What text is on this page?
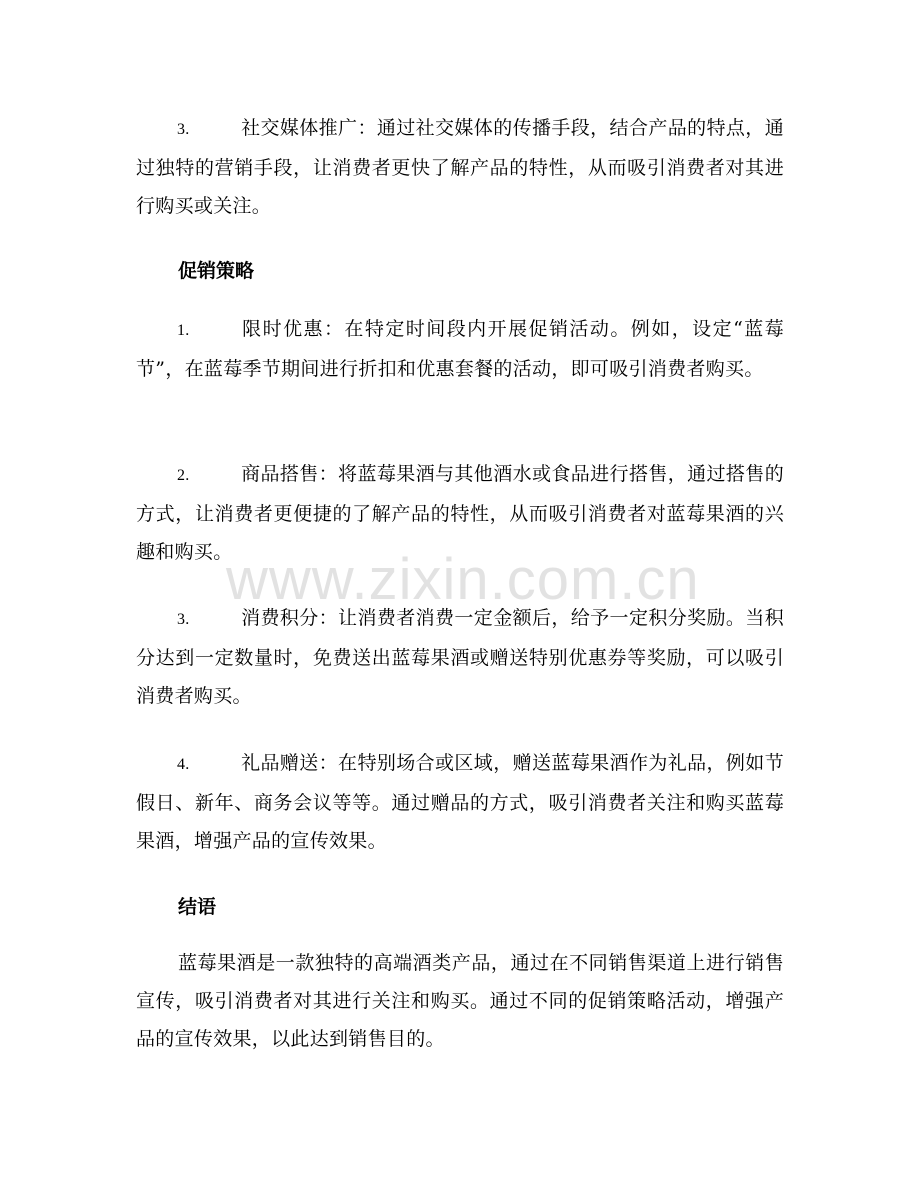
3.	社交媒体推广：通过社交媒体的传播手段，结合产品的特点，通过独特的营销手段，让消费者更快了解产品的特性，从而吸引消费者对其进行购买或关注。

促销策略

1.	限时优惠：在特定时间段内开展促销活动。例如，设定“蓝莓节”，在蓝莓季节期间进行折扣和优惠套餐的活动，即可吸引消费者购买。

2.	商品搭售：将蓝莓果酒与其他酒水或食品进行搭售，通过搭售的方式，让消费者更便捷的了解产品的特性，从而吸引消费者对蓝莓果酒的兴趣和购买。

3.	消费积分：让消费者消费一定金额后，给予一定积分奖励。当积分达到一定数量时，免费送出蓝莓果酒或赠送特别优惠券等奖励，可以吸引消费者购买。

4.	礼品赠送：在特别场合或区域，赠送蓝莓果酒作为礼品，例如节假日、新年、商务会议等等。通过赠品的方式，吸引消费者关注和购买蓝莓果酒，增强产品的宣传效果。

结语

蓝莓果酒是一款独特的高端酒类产品，通过在不同销售渠道上进行销售宣传，吸引消费者对其进行关注和购买。通过不同的促销策略活动，增强产品的宣传效果，以此达到销售目的。

www.zixin.com.cn
